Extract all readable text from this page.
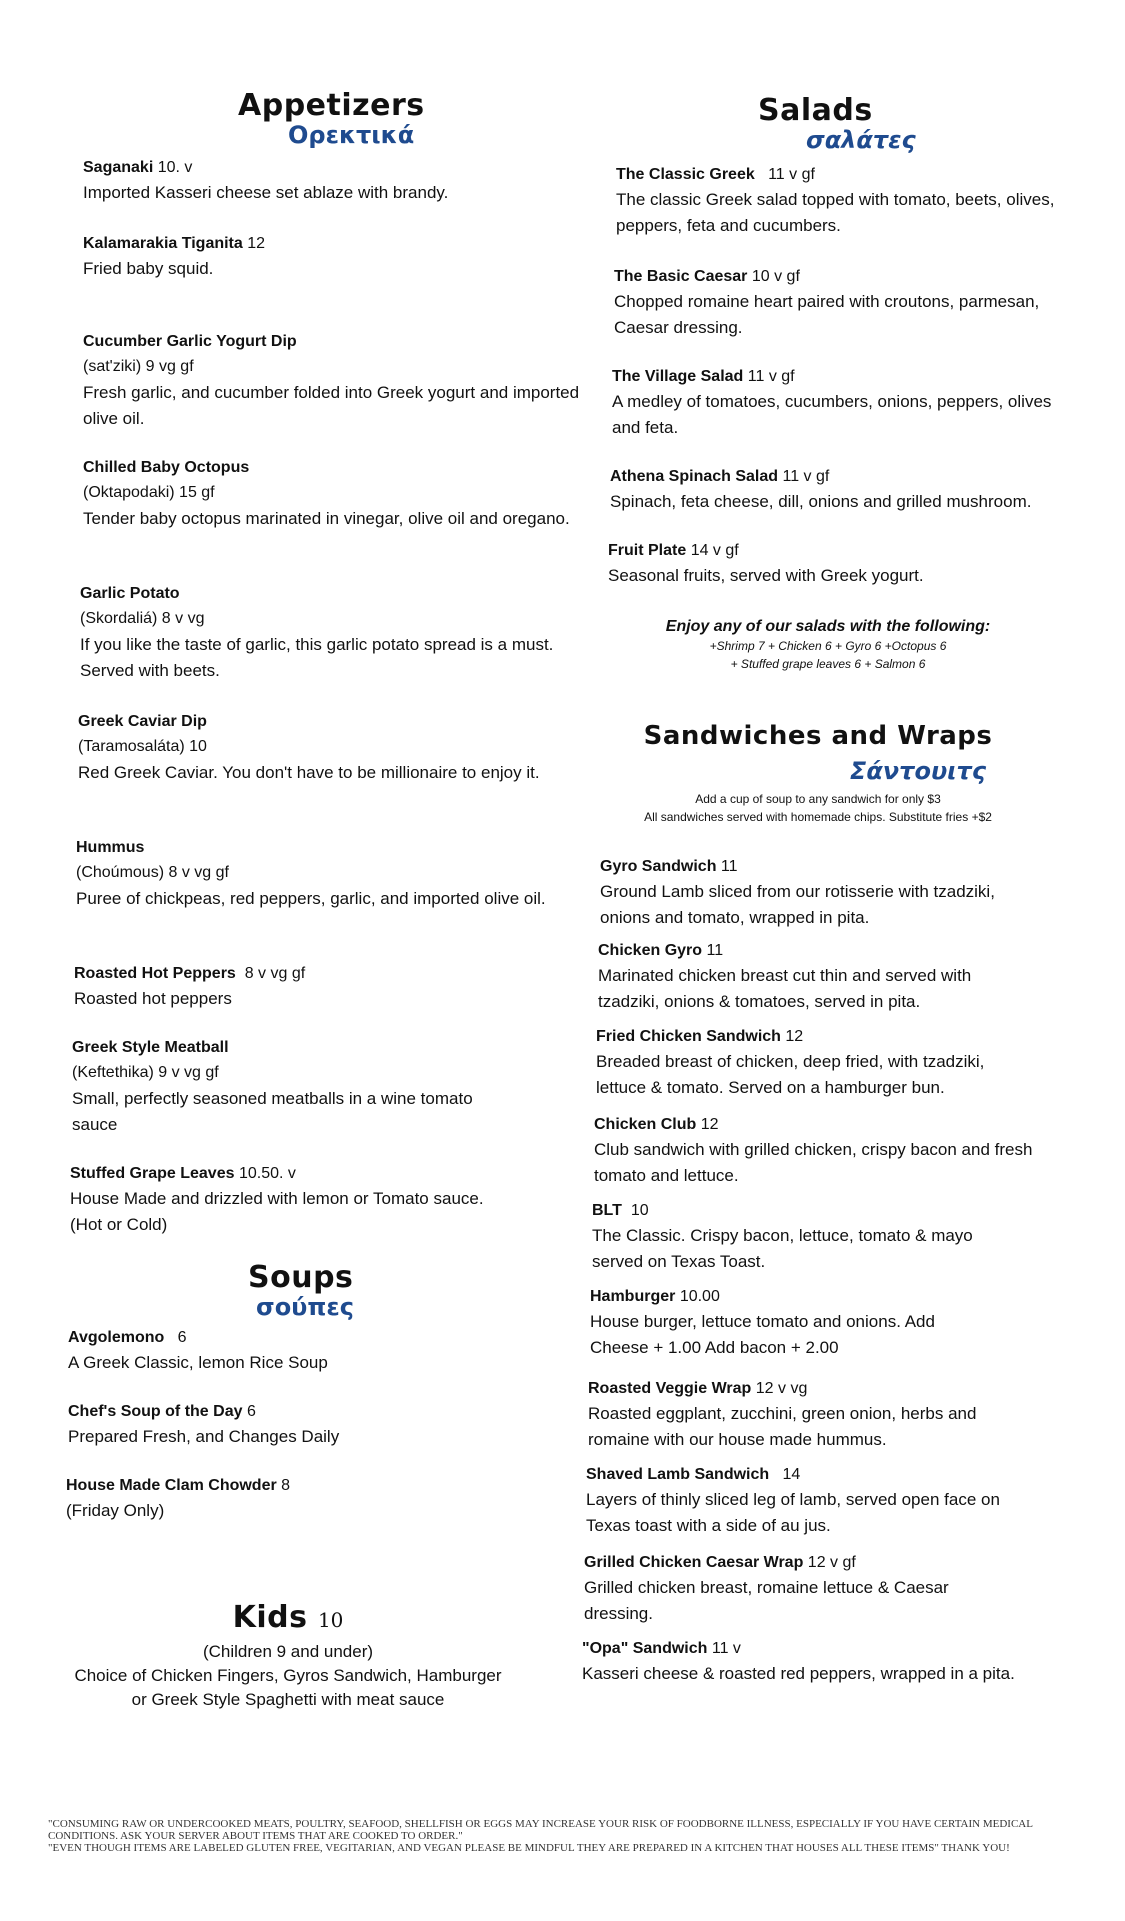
Appetizers
Ορεκτικά
Saganaki 10. v
Imported Kasseri cheese set ablaze with brandy.
Kalamarakia Tiganita 12
Fried baby squid.
Cucumber Garlic Yogurt Dip
(sat'ziki) 9 vg gf
Fresh garlic, and cucumber folded into Greek yogurt and imported olive oil.
Chilled Baby Octopus
(Oktapodaki) 15 gf
Tender baby octopus marinated in vinegar, olive oil and oregano.
Garlic Potato
(Skordaliá) 8 v vg
If you like the taste of garlic, this garlic potato spread is a must. Served with beets.
Greek Caviar Dip
(Taramosaláta) 10
Red Greek Caviar. You don't have to be millionaire to enjoy it.
Hummus
(Choúmous) 8 v vg gf
Puree of chickpeas, red peppers, garlic, and imported olive oil.
Roasted Hot Peppers 8 v vg gf
Roasted hot peppers
Greek Style Meatball
(Keftethika) 9 v vg gf
Small, perfectly seasoned meatballs in a wine tomato sauce
Stuffed Grape Leaves 10.50. v
House Made and drizzled with lemon or Tomato sauce. (Hot or Cold)
Soups
σούπες
Avgolemono 6
A Greek Classic, lemon Rice Soup
Chef's Soup of the Day 6
Prepared Fresh, and Changes Daily
House Made Clam Chowder 8
(Friday Only)
Kids 10
(Children 9 and under)
Choice of Chicken Fingers, Gyros Sandwich, Hamburger
or Greek Style Spaghetti with meat sauce
Salads
σαλάτες
The Classic Greek 11 v gf
The classic Greek salad topped with tomato, beets, olives, peppers, feta and cucumbers.
The Basic Caesar 10 v gf
Chopped romaine heart paired with croutons, parmesan, Caesar dressing.
The Village Salad 11 v gf
A medley of tomatoes, cucumbers, onions, peppers, olives and feta.
Athena Spinach Salad 11 v gf
Spinach, feta cheese, dill, onions and grilled mushroom.
Fruit Plate 14 v gf
Seasonal fruits, served with Greek yogurt.
Enjoy any of our salads with the following:
+Shrimp 7 + Chicken 6 + Gyro 6 +Octopus 6
+ Stuffed grape leaves 6 + Salmon 6
Sandwiches and Wraps
Σάντουιτς
Add a cup of soup to any sandwich for only $3
All sandwiches served with homemade chips. Substitute fries +$2
Gyro Sandwich 11
Ground Lamb sliced from our rotisserie with tzadziki, onions and tomato, wrapped in pita.
Chicken Gyro 11
Marinated chicken breast cut thin and served with tzadziki, onions & tomatoes, served in pita.
Fried Chicken Sandwich 12
Breaded breast of chicken, deep fried, with tzadziki, lettuce & tomato. Served on a hamburger bun.
Chicken Club 12
Club sandwich with grilled chicken, crispy bacon and fresh tomato and lettuce.
BLT 10
The Classic. Crispy bacon, lettuce, tomato & mayo served on Texas Toast.
Hamburger 10.00
House burger, lettuce tomato and onions. Add Cheese + 1.00 Add bacon + 2.00
Roasted Veggie Wrap 12 v vg
Roasted eggplant, zucchini, green onion, herbs and romaine with our house made hummus.
Shaved Lamb Sandwich 14
Layers of thinly sliced leg of lamb, served open face on Texas toast with a side of au jus.
Grilled Chicken Caesar Wrap 12 v gf
Grilled chicken breast, romaine lettuce & Caesar dressing.
"Opa" Sandwich 11 v
Kasseri cheese & roasted red peppers, wrapped in a pita.
"CONSUMING RAW OR UNDERCOOKED MEATS, POULTRY, SEAFOOD, SHELLFISH OR EGGS MAY INCREASE YOUR RISK OF FOODBORNE ILLNESS, ESPECIALLY IF YOU HAVE CERTAIN MEDICAL CONDITIONS. ASK YOUR SERVER ABOUT ITEMS THAT ARE COOKED TO ORDER."
"EVEN THOUGH ITEMS ARE LABELED GLUTEN FREE, VEGITARIAN, AND VEGAN PLEASE BE MINDFUL THEY ARE PREPARED IN A KITCHEN THAT HOUSES ALL THESE ITEMS" THANK YOU!
